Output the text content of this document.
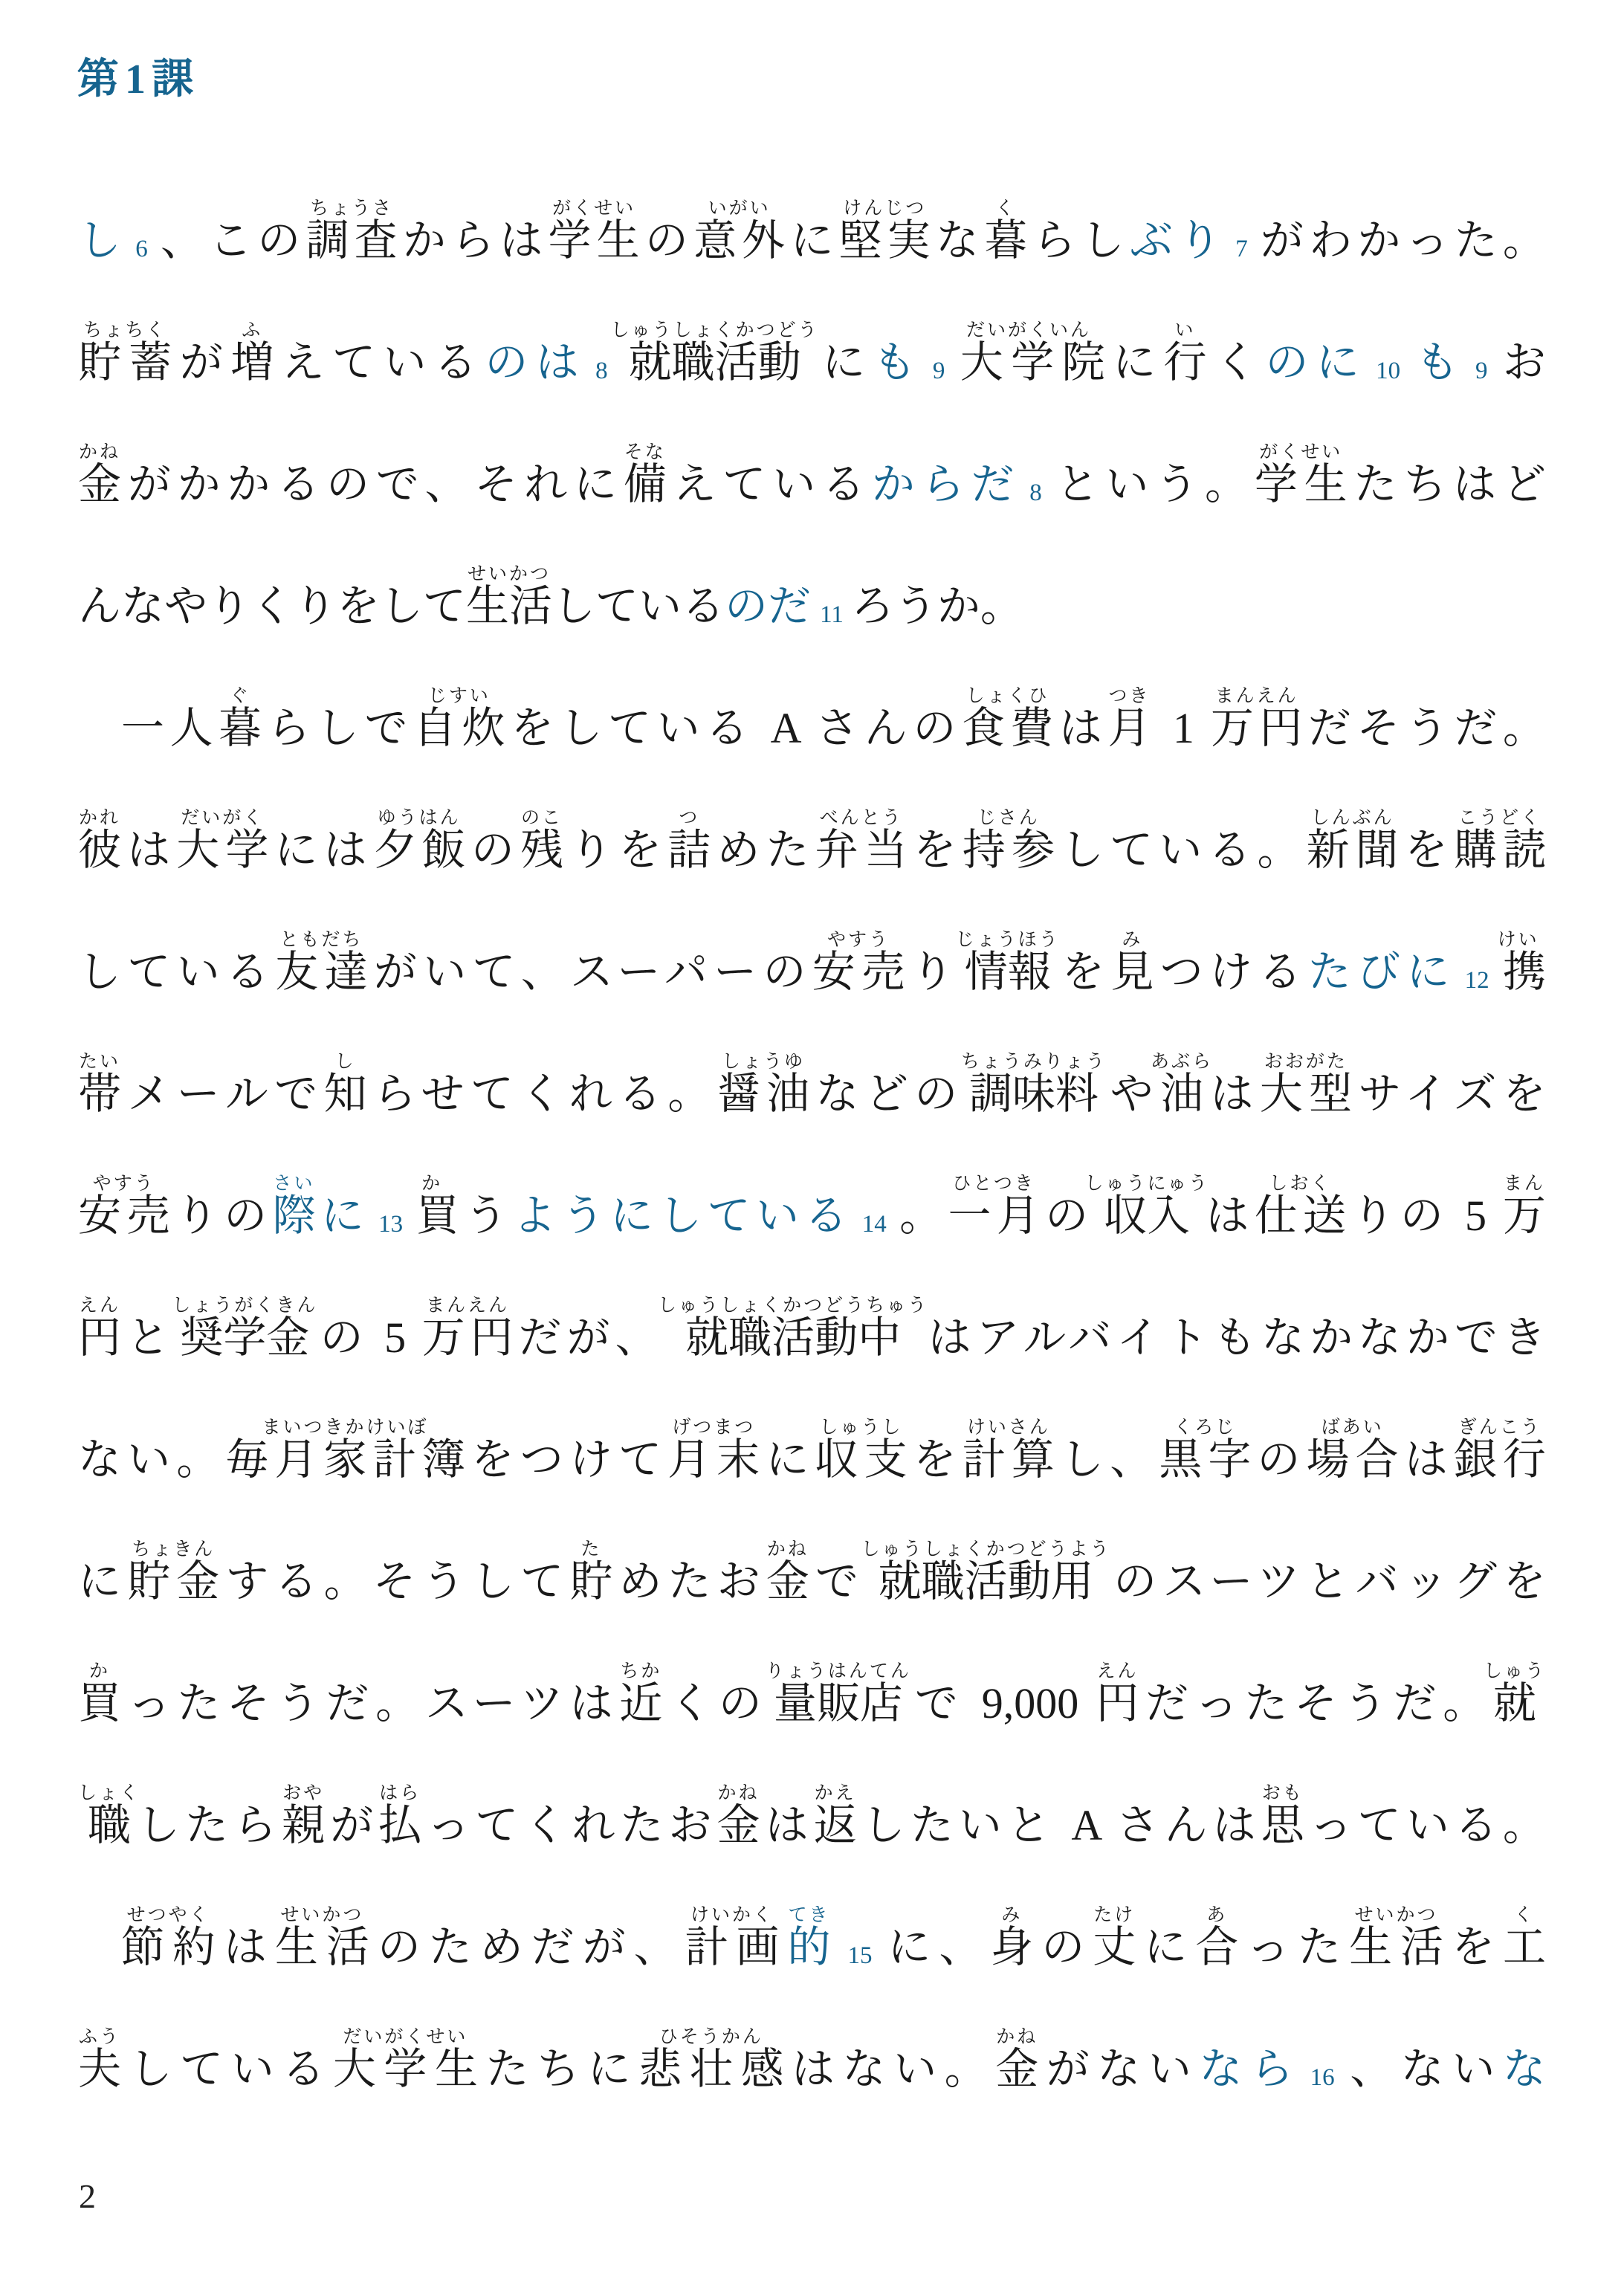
第1課
し 6 、この調査ちょうさからは学生がくせいの意外いがいに堅実けんじつな暮くらしぶり 7 がわかった。
貯蓄ちょちくが増ふえているのは 8就職活動しゅうしょくかつどうにも 9 大学院だいがくいんに行いくのに 10 も 9 お
金かねがかかるので、それに備そなえているからだ 8 という。学生がくせいたちはど
んなやりくりをして生活せいかつしているのだ 11 ろうか。
一人暮ぐらしで自炊じすいをしている A さんの食費しょくひは月つき 1 万円まんえんだそうだ。
彼かれは大学だいがくには夕飯ゆうはんの残のこりを詰つめた弁当べんとうを持参じさんしている。新聞しんぶんを購読こうどく
している友達ともだちがいて、スーパーの安売やすうり情報じょうほうを見みつけるたびに 12 携けい
帯たいメールで知しらせてくれる。醤油しょうゆなどの調味料ちょうみりょうや油あぶらは大型おおがたサイズを
安売やすうりの際さいに 13 買かうようにしている 14 。一月ひとつきの収入しゅうにゅうは仕送しおくりの 5 万まん
円えんと奨学金しょうがくきんの 5 万円まんえんだが、就職活動中しゅうしょくかつどうちゅうはアルバイトもなかなかでき
ない。毎月家計簿まいつきかけいぼをつけて月末げつまつに収支しゅうしを計算けいさんし、黒字くろじの場合ばあいは銀行ぎんこう
に貯金ちょきんする。そうして貯ためたお金かねで就職活動用しゅうしょくかつどうようのスーツとバッグを
買かったそうだ。スーツは近ちかくの量販店りょうはんてんで 9,000 円えんだったそうだ。就しゅう
職しょくしたら親おやが払はらってくれたお金かねは返かえしたいと A さんは思おもっている。
節約せつやくは生活せいかつのためだが、計画けいかく的てき15 に、身みの丈たけに合あった生活せいかつを工く
夫ふうしている大学生だいがくせいたちに悲壮感ひそうかんはない。金かねがないなら 16 、ないな
2
